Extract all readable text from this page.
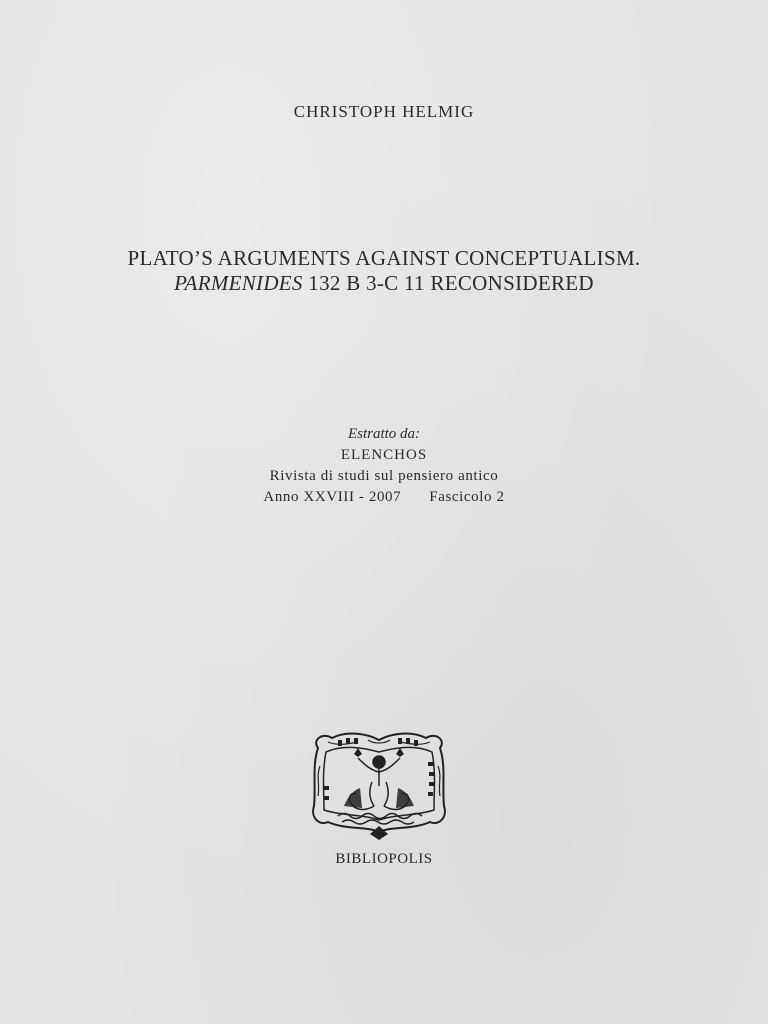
CHRISTOPH HELMIG
PLATO’S ARGUMENTS AGAINST CONCEPTUALISM.
PARMENIDES 132 B 3-C 11 RECONSIDERED
Estratto da:
ELENCHOS
Rivista di studi sul pensiero antico
Anno XXVIII - 2007 Fascicolo 2
BIBLIOPOLIS
